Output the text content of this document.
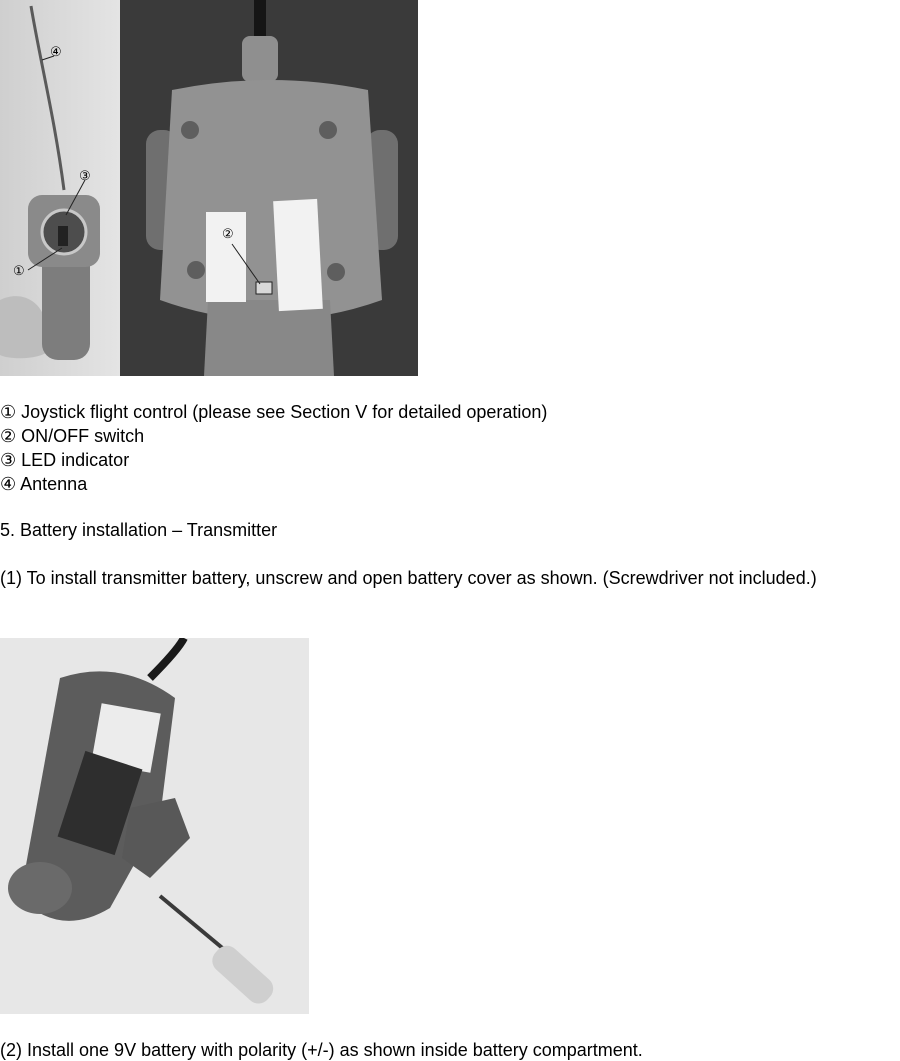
④
③
①
②
① Joystick flight control (please see Section V for detailed operation)
② ON/OFF switch
③ LED indicator
④ Antenna
5. Battery installation – Transmitter
(1) To install transmitter battery, unscrew and open battery cover as shown. (Screwdriver not included.)
(2) Install one 9V battery with polarity (+/-) as shown inside battery compartment.
